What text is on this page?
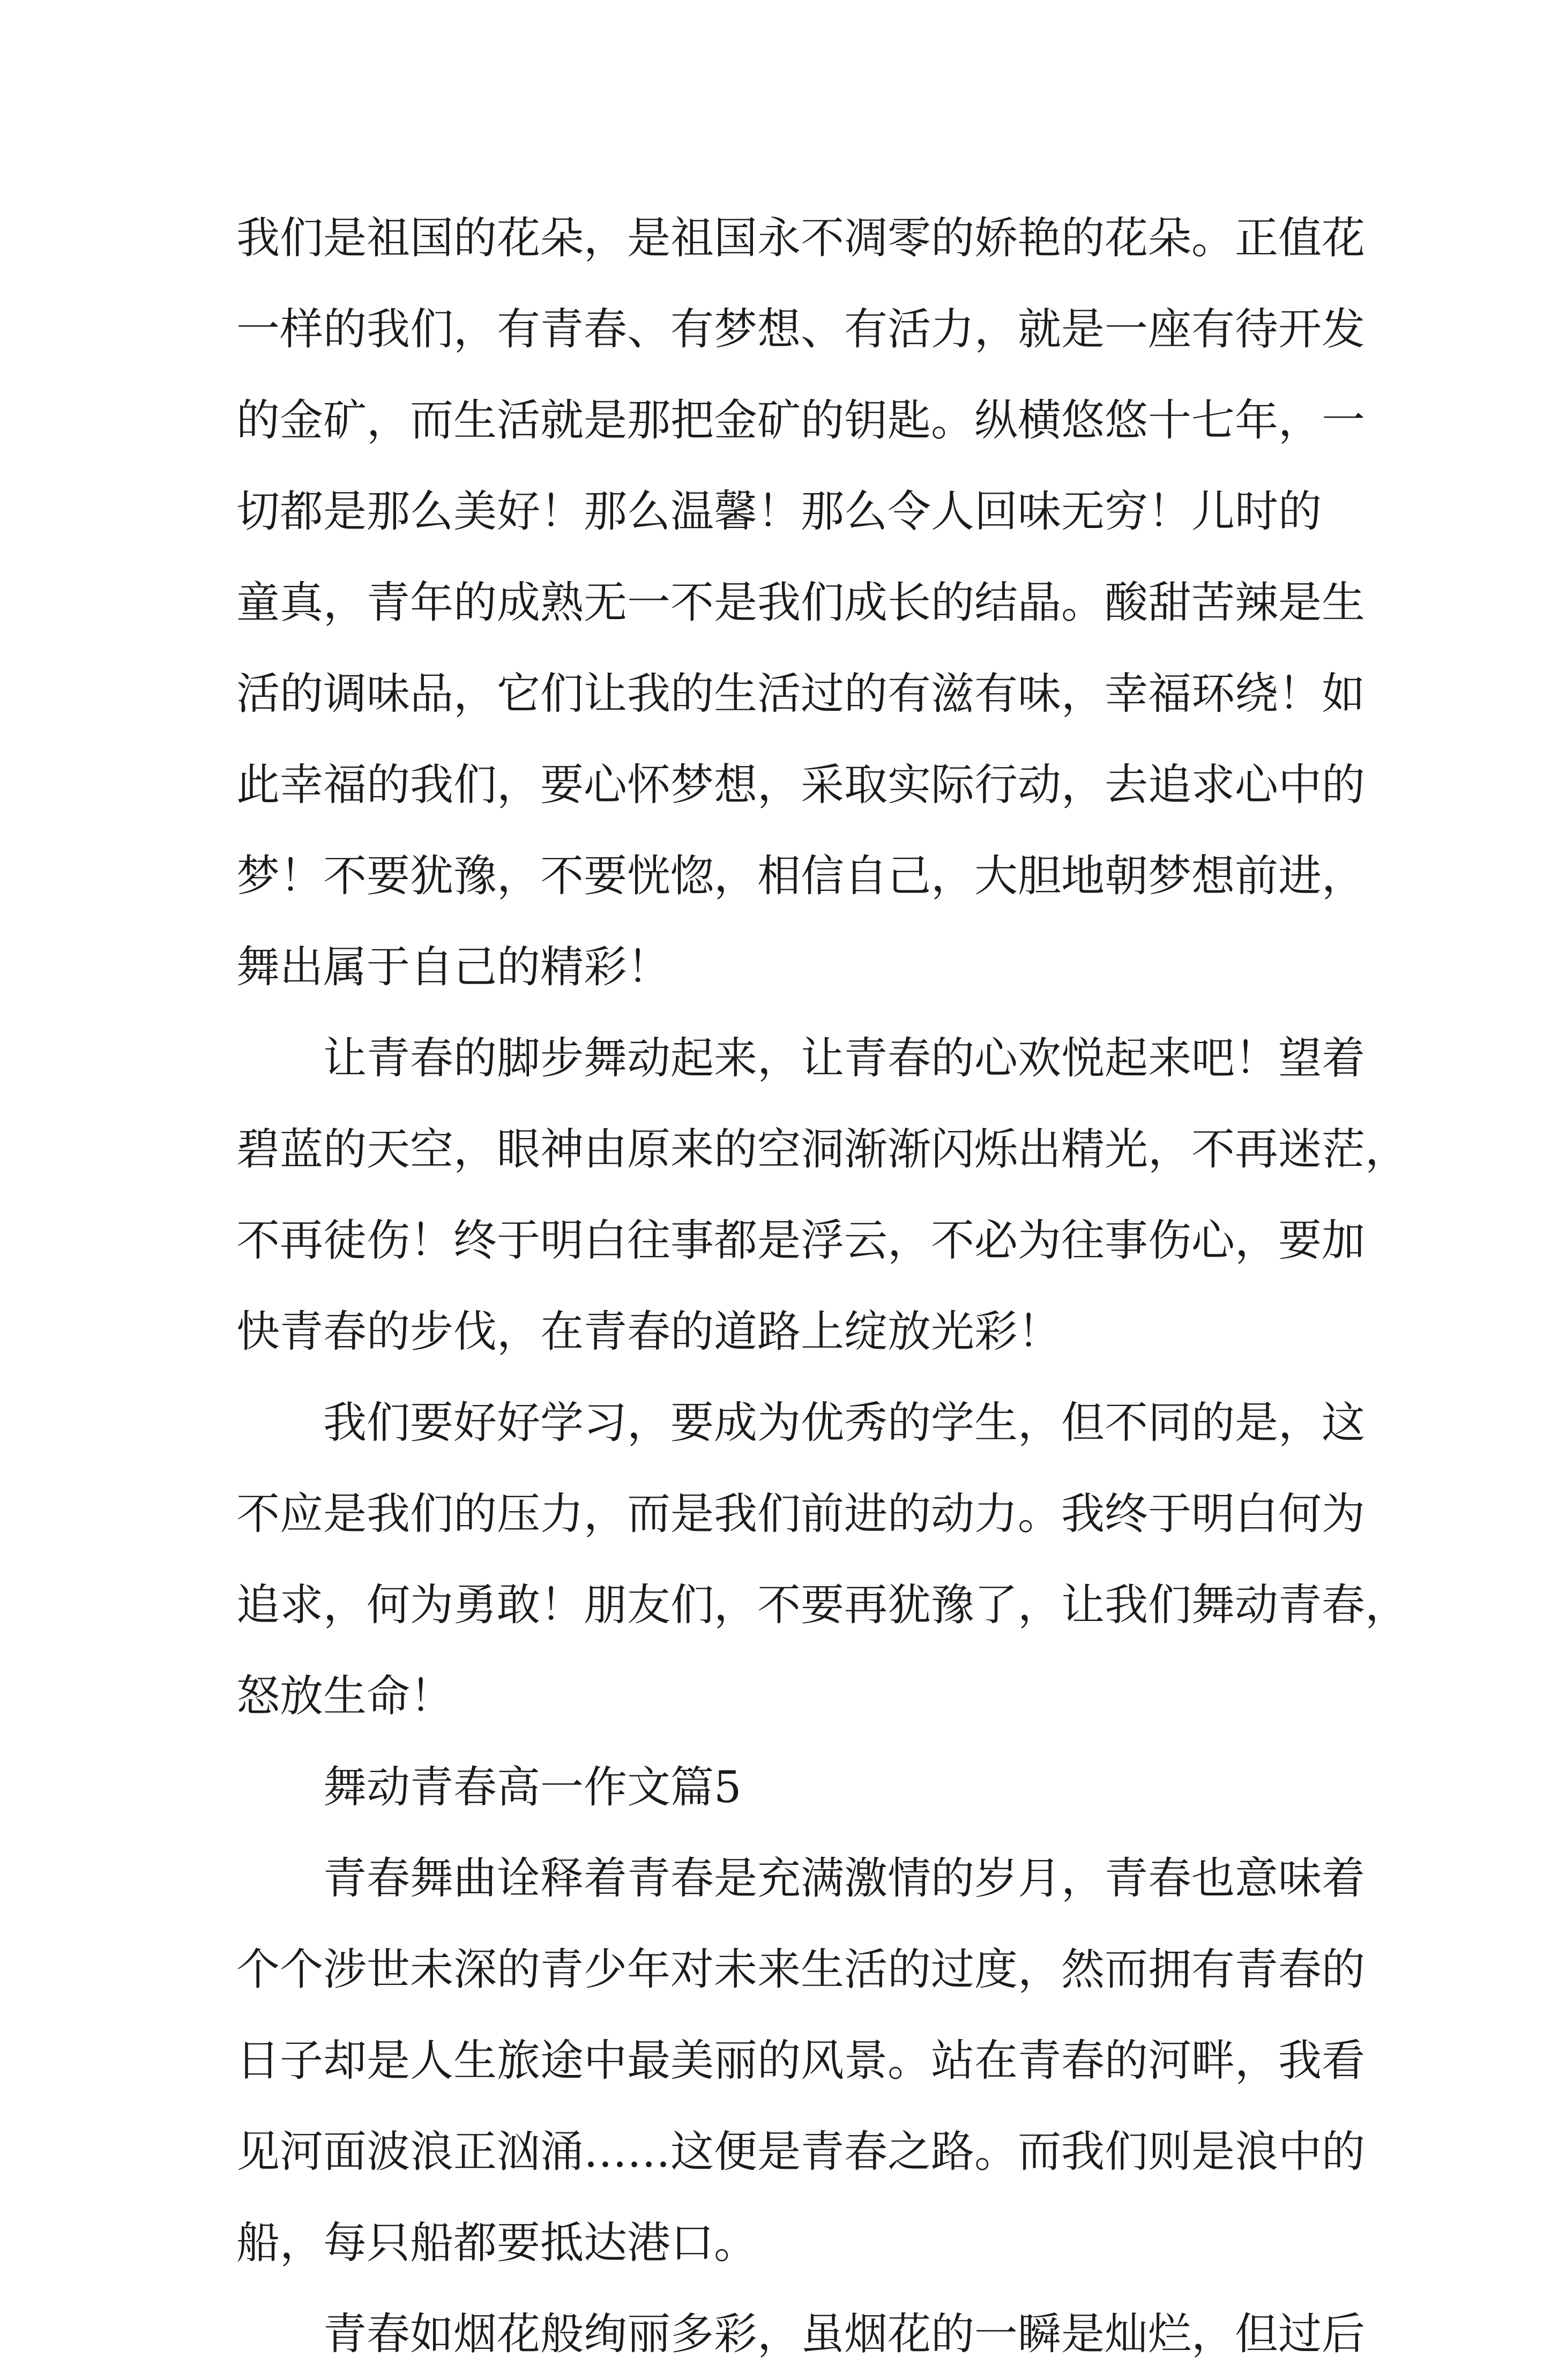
我们是祖国的花朵，是祖国永不凋零的娇艳的花朵。正值花
一样的我们，有青春、有梦想、有活力，就是一座有待开发
的金矿，而生活就是那把金矿的钥匙。纵横悠悠十七年，一
切都是那么美好！那么温馨！那么令人回味无穷！儿时的
童真，青年的成熟无一不是我们成长的结晶。酸甜苦辣是生
活的调味品，它们让我的生活过的有滋有味，幸福环绕！如
此幸福的我们，要心怀梦想，采取实际行动，去追求心中的
梦！不要犹豫，不要恍惚，相信自己，大胆地朝梦想前进，
舞出属于自己的精彩！
让青春的脚步舞动起来，让青春的心欢悦起来吧！望着
碧蓝的天空，眼神由原来的空洞渐渐闪烁出精光，不再迷茫，
不再徒伤！终于明白往事都是浮云，不必为往事伤心，要加
快青春的步伐，在青春的道路上绽放光彩！
我们要好好学习，要成为优秀的学生，但不同的是，这
不应是我们的压力，而是我们前进的动力。我终于明白何为
追求，何为勇敢！朋友们，不要再犹豫了，让我们舞动青春，
怒放生命！
舞动青春高一作文篇5
青春舞曲诠释着青春是充满激情的岁月，青春也意味着
个个涉世未深的青少年对未来生活的过度，然而拥有青春的
日子却是人生旅途中最美丽的风景。站在青春的河畔，我看
见河面波浪正汹涌……这便是青春之路。而我们则是浪中的
船，每只船都要抵达港口。
青春如烟花般绚丽多彩，虽烟花的一瞬是灿烂，但过后
